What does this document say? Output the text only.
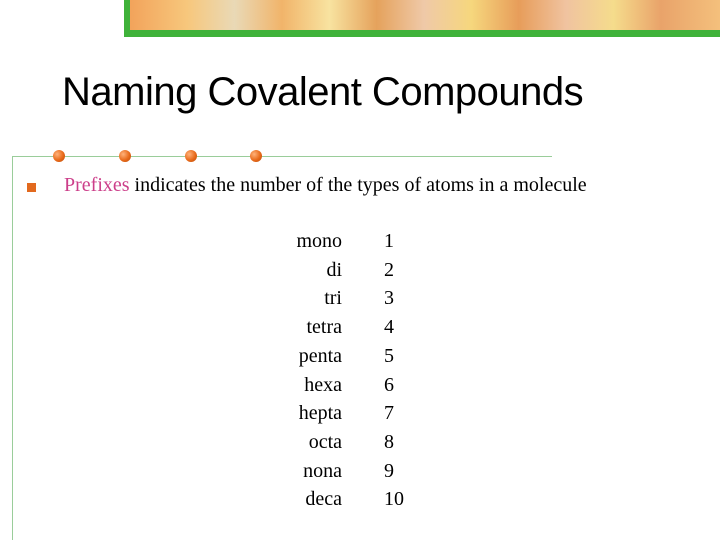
Naming Covalent Compounds
Prefixes indicates the number of the types of atoms in a molecule
mono
di
tri
tetra
penta
hexa
hepta
octa
nona
deca
1
2
3
4
5
6
7
8
9
10
